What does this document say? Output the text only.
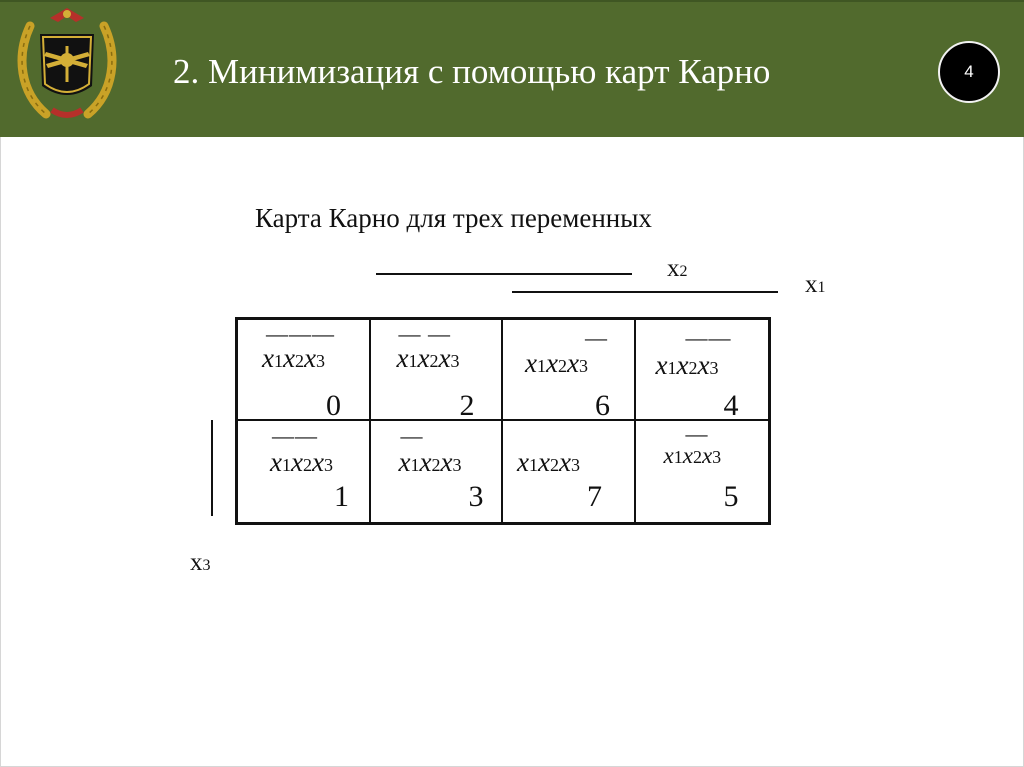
2. Минимизация с помощью карт Карно	4
Карта Карно для трех переменных
x2	x1
x3
———
x1x2x3
0
— —
x1x2x3
2
—
x1x2x3
6
——
x1x2x3
4
——
x1x2x3
1
—
x1x2x3
3
x1x2x3
7
—
x1x2x3
5
